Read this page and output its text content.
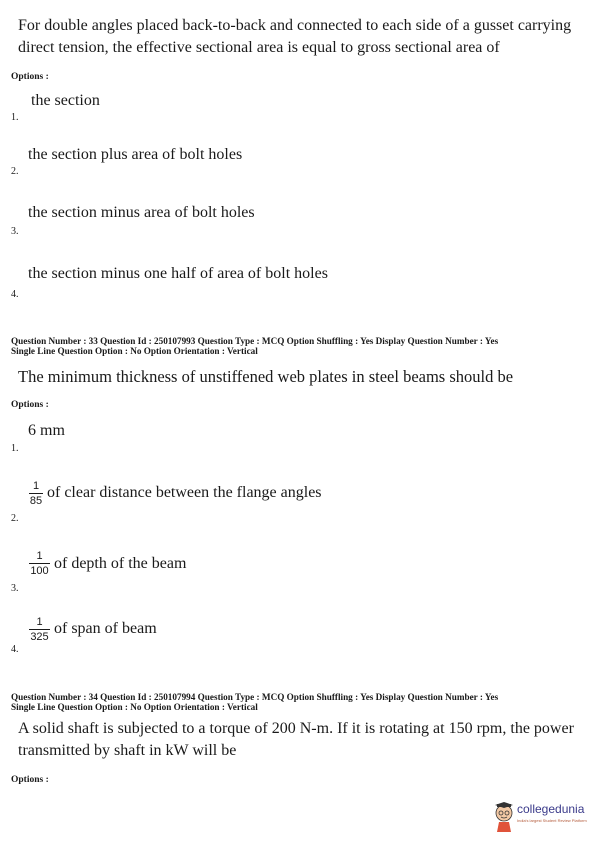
For double angles placed back-to-back and connected to each side of a gusset carrying direct tension, the effective sectional area is equal to gross sectional area of
Options :
the section
1.
the section plus area of bolt holes
2.
the section minus area of bolt holes
3.
the section minus one half of area of bolt holes
4.
Question Number : 33 Question Id : 250107993 Question Type : MCQ Option Shuffling : Yes Display Question Number : Yes
Single Line Question Option : No Option Orientation : Vertical
The minimum thickness of unstiffened web plates in steel beams should be
Options :
6 mm
1.
1
85 of clear distance between the flange angles
2.
1
100 of depth of the beam
3.
1
325 of span of beam
4.
Question Number : 34 Question Id : 250107994 Question Type : MCQ Option Shuffling : Yes Display Question Number : Yes
Single Line Question Option : No Option Orientation : Vertical
A solid shaft is subjected to a torque of 200 N-m. If it is rotating at 150 rpm, the power
transmitted by shaft in kW will be
Options :
collegedunia
India's largest Student Review Platform
